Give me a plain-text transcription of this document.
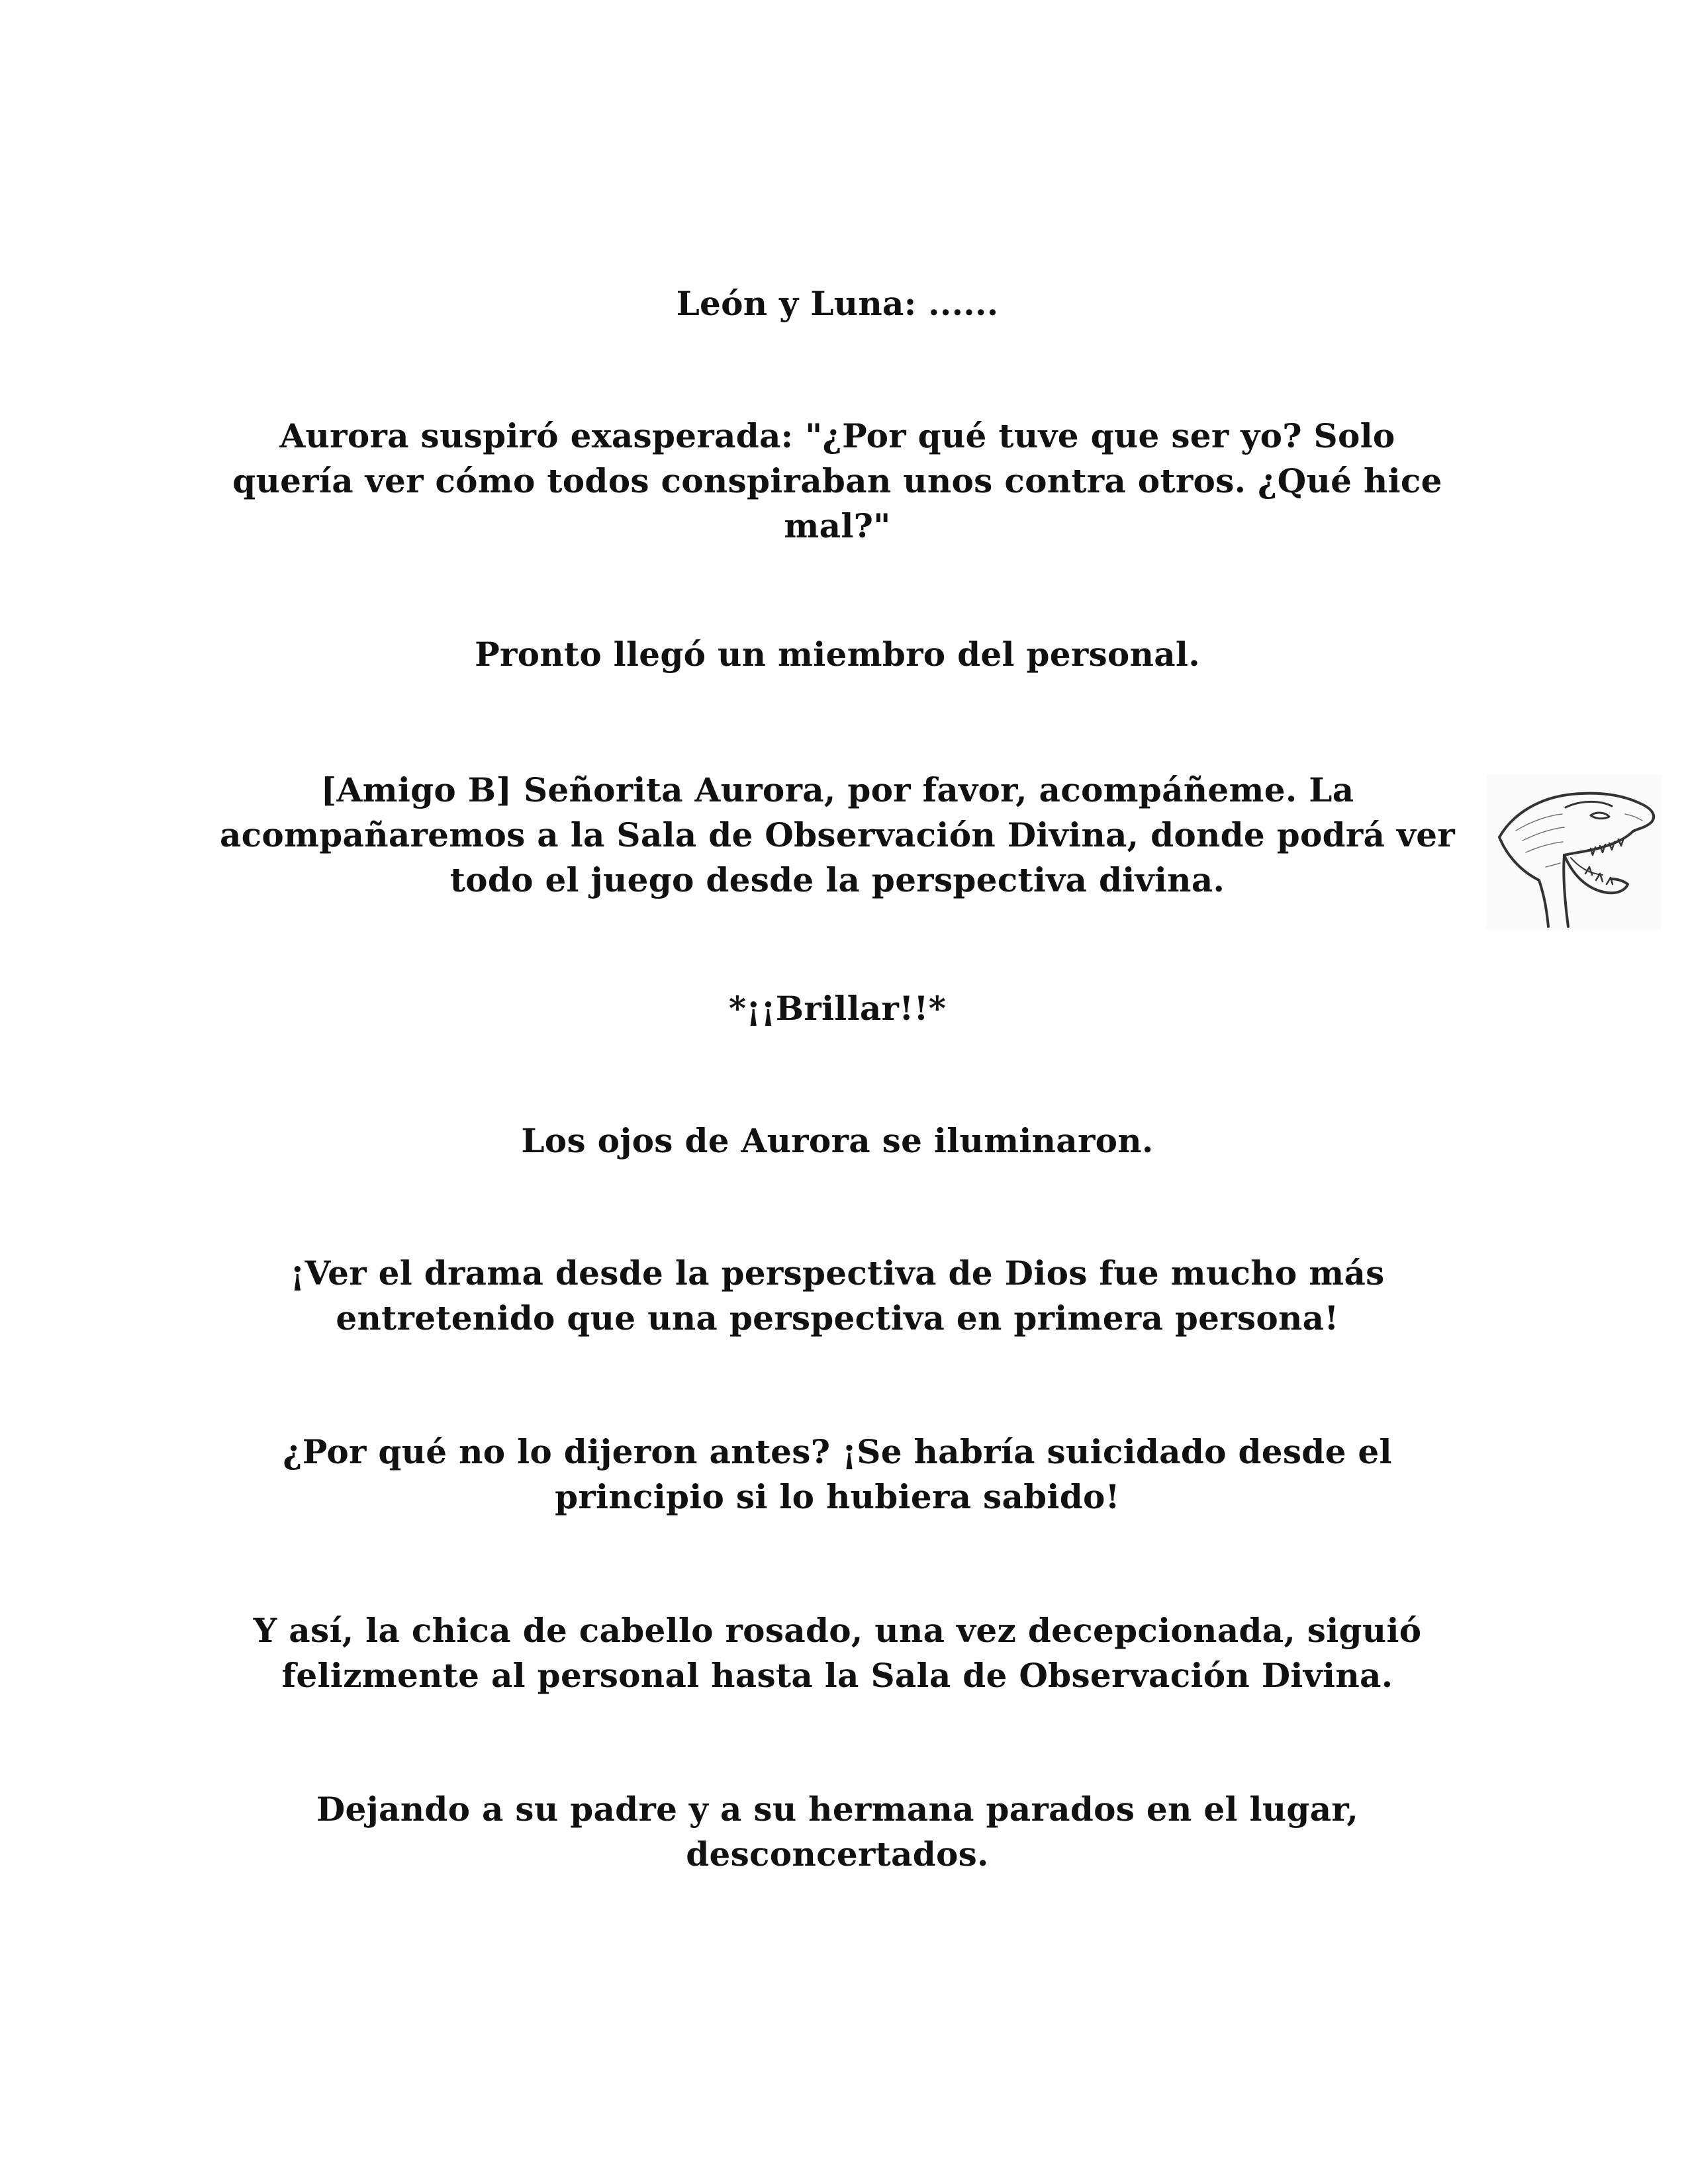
León y Luna: ......

Aurora suspiró exasperada: "¿Por qué tuve que ser yo? Solo quería ver cómo todos conspiraban unos contra otros. ¿Qué hice mal?"

Pronto llegó un miembro del personal.

[Amigo B] Señorita Aurora, por favor, acompáñeme. La acompañaremos a la Sala de Observación Divina, donde podrá ver todo el juego desde la perspectiva divina.

*¡¡Brillar!!*

Los ojos de Aurora se iluminaron.

¡Ver el drama desde la perspectiva de Dios fue mucho más entretenido que una perspectiva en primera persona!

¿Por qué no lo dijeron antes? ¡Se habría suicidado desde el principio si lo hubiera sabido!

Y así, la chica de cabello rosado, una vez decepcionada, siguió felizmente al personal hasta la Sala de Observación Divina.

Dejando a su padre y a su hermana parados en el lugar, desconcertados.
